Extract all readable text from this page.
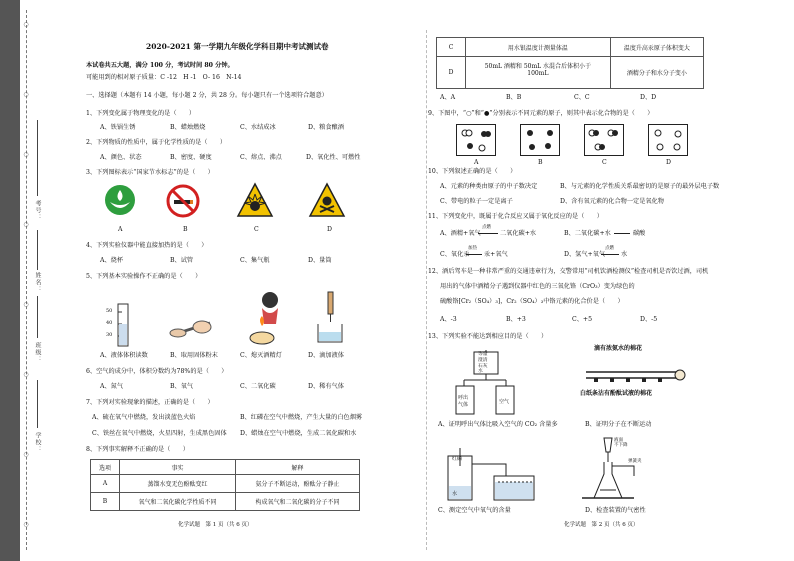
○
○
○
○
○
○
○
○
学校：
班级：
姓名：
考号：
2020-2021 第一学期九年级化学科目期中考试测试卷
本试卷共五大题，满分 100 分，考试时间 80 分钟。
可能用到的相对原子质量：C -12　H -1　O- 16　N-14
一、选择题（本题有 14 小题，每小题 2 分，共 28 分。每小题只有一个选项符合题意）
1、下列变化属于物理变化的是（　　）
A、铁锅生锈	B、蜡烛燃烧	C、水结成冰	D、粮食酿酒
2、下列物质的性质中，属于化学性质的是（　　）
A、颜色、状态	B、密度、硬度	C、熔点、沸点	D、氧化性、可燃性
3、下列图标表示“国家节水标志”的是（　　）
A	B	C	D
4、下列实验仪器中能直接加热的是（　　）
A、烧杯	B、试管	C、集气瓶	D、量筒
5、下列基本实验操作不正确的是（　　）
50
40
30
A、液体体积读数	B、取用固体粉末	C、熄灭酒精灯	D、滴加液体
6、空气的成分中，体积分数约为78%的是（　　）
A、氮气	B、氧气	C、二氧化碳	D、稀有气体
7、下列对实验现象的描述，正确的是（　　）
A、硫在氧气中燃烧，发出淡蓝色火焰	B、红磷在空气中燃烧，产生大量的白色烟雾
C、铁丝在氧气中燃烧，火星四射，生成黑色固体 D、蜡烛在空气中燃烧，生成二氧化碳和水
8、下列事实解释不正确的是（　　）
选项	事实	解释
A	蒸馏水变无色酚酞变红	氨分子不断运动，酚酞分子静止
B	氧气和二氧化碳化学性质不同	构成氧气和二氧化碳的分子不同
化学试题　第 1 页（共 6 页）
C	用水银温度计测量体温	温度升高汞原子体积变大
D	50mL 酒精和 50mL 水混合后体积小于
100mL	酒精分子和水分子变小
A、A	B、B	C、C	D、D
9、下图中，“○”和“●”分别表示不同元素的原子，则其中表示化合物的是（　　）
A	B	C	D
10、下列叙述正确的是（　　）
A、元素的种类由原子的中子数决定	B、与元素的化学性质关系最密切的是原子的最外层电子数
C、带电的粒子一定是离子	D、含有氧元素的化合物一定是氧化物
11、下列变化中，既属于化合反应又属于氧化反应的是（　　）
A、酒精+氧气
点燃
二氧化碳+水	B、二氧化碳+水	碳酸
C、氧化汞
加热
汞+氧气	D、氢气+氧气
点燃
水
12、酒后驾车是一种非常严重的交通违章行为，交警常用“司机饮酒检测仪”检查司机是否饮过酒，司机
用出的气体中酒精分子遇到仪器中红色的三氧化铬（CrO₃）变为绿色的
硫酸铬[Cr₂（SO₄）₃]，Cr₂（SO₄）₃中铬元素的化合价是（　　）
A、-3	B、+3	C、+5	D、-5
13、下列实验不能达到相应目的是（　　）
等量
澄清
石灰
水
呼出
气体	空气
滴有浓氨水的棉花
白纸条沾有酚酞试液的棉花
A、证明呼出气体比吸入空气的 CO₂ 含量多	B、证明分子在不断运动
红磷
水
液面
不下降
弹簧夹
C、测定空气中氧气的含量	D、检查装置的气密性
化学试题　第 2 页（共 6 页）
